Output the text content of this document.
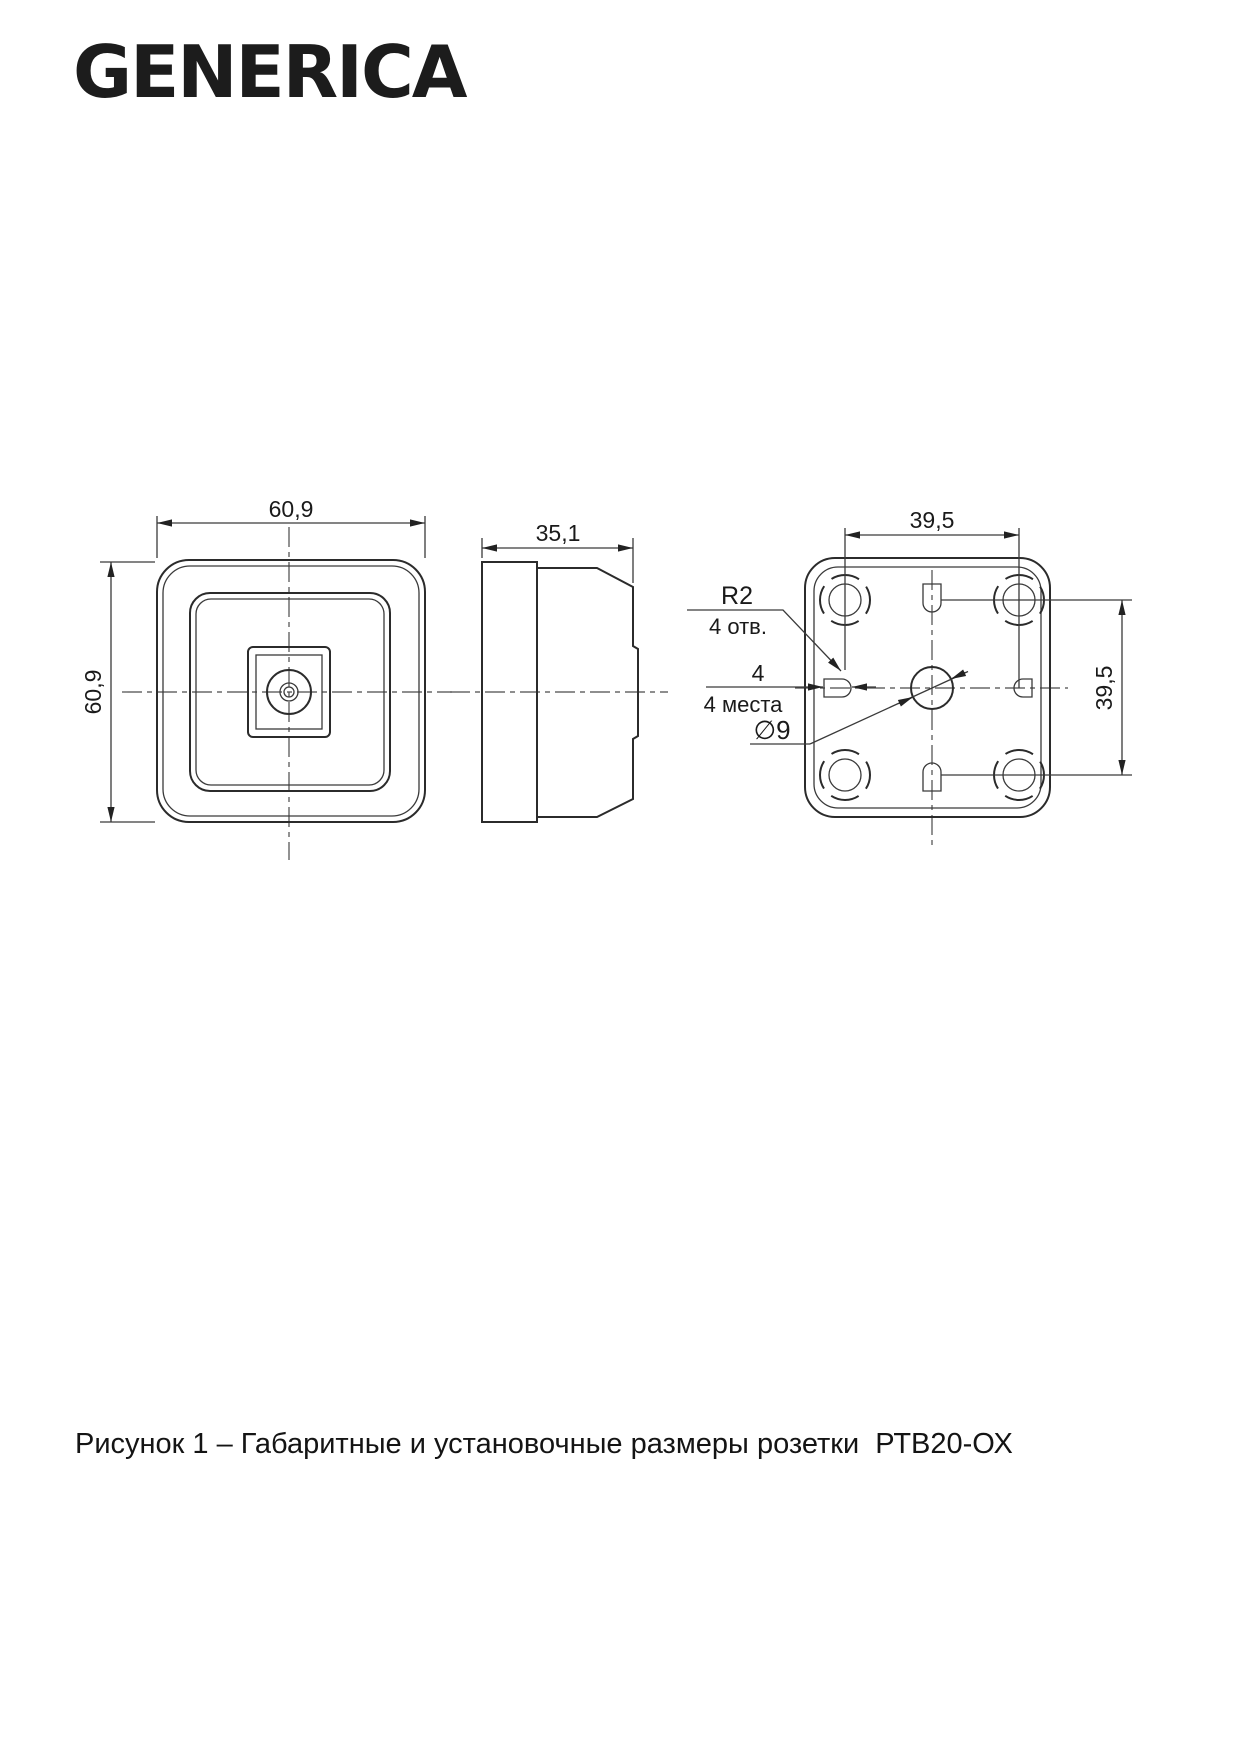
GENERICA
60,9
60,9
35,1	39,5
39,5
R2
4 отв.
4
4 места
∅9
Рисунок 1 – Габаритные и установочные размеры розетки  РТВ20-ОХ
